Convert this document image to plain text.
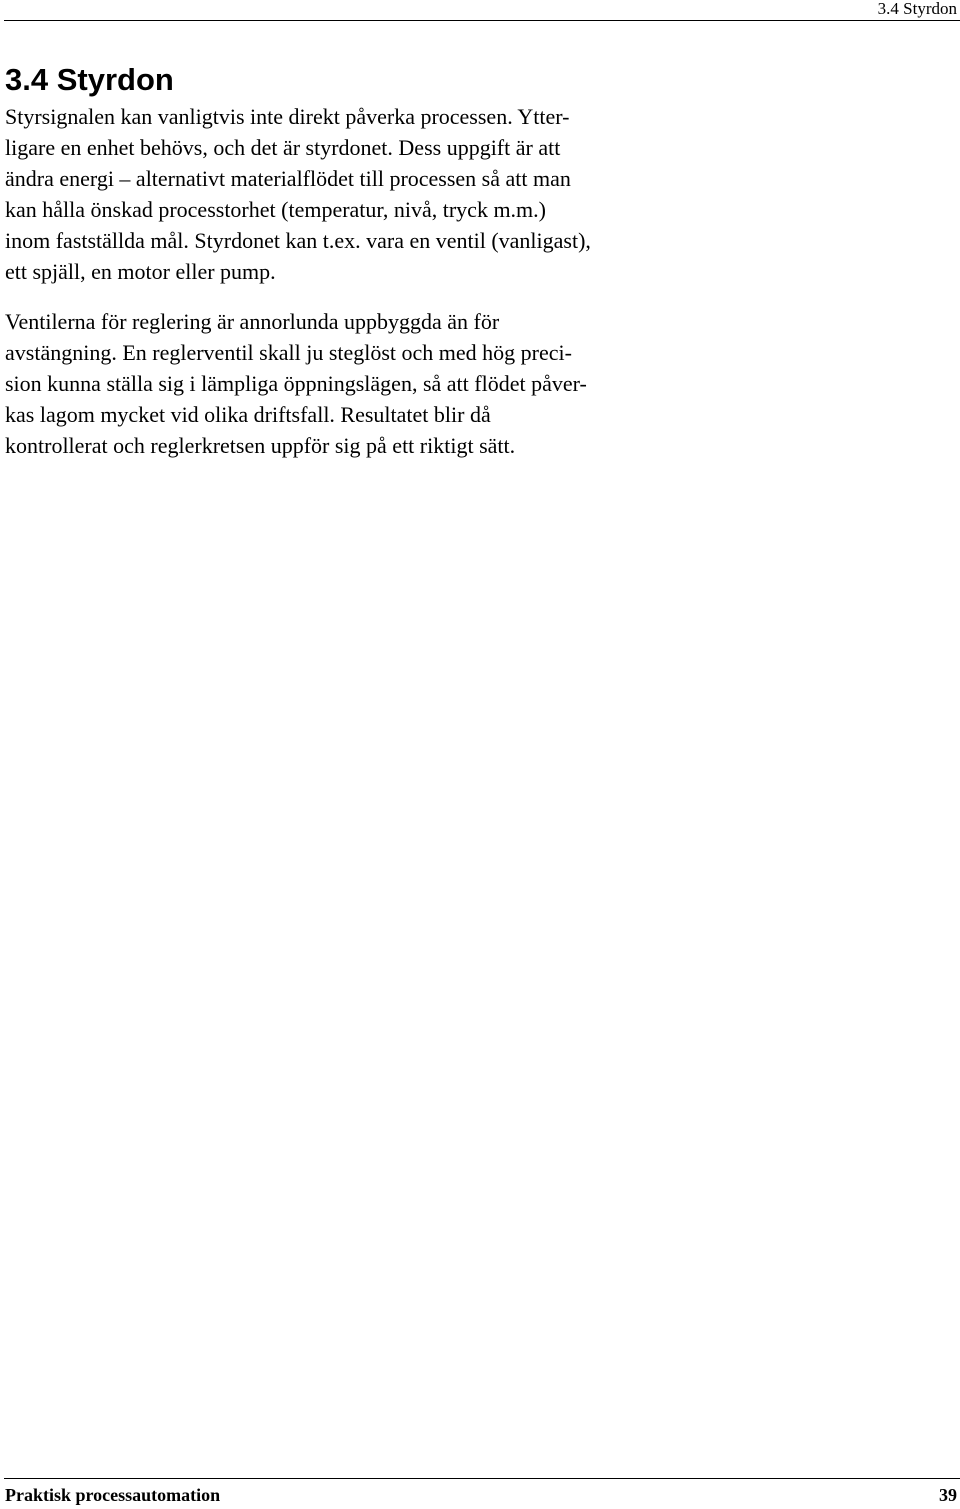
3.4 Styrdon
3.4 Styrdon

Styrsignalen kan vanligtvis inte direkt påverka processen. Ytter-
ligare en enhet behövs, och det är styrdonet. Dess uppgift är att
ändra energi – alternativt materialflödet till processen så att man
kan hålla önskad processtorhet (temperatur, nivå, tryck m.m.)
inom fastställda mål. Styrdonet kan t.ex. vara en ventil (vanligast),
ett spjäll, en motor eller pump.

Ventilerna för reglering är annorlunda uppbyggda än för
avstängning. En reglerventil skall ju steglöst och med hög preci-
sion kunna ställa sig i lämpliga öppningslägen, så att flödet påver-
kas lagom mycket vid olika driftsfall. Resultatet blir då
kontrollerat och reglerkretsen uppför sig på ett riktigt sätt.

Praktisk processautomation	39
